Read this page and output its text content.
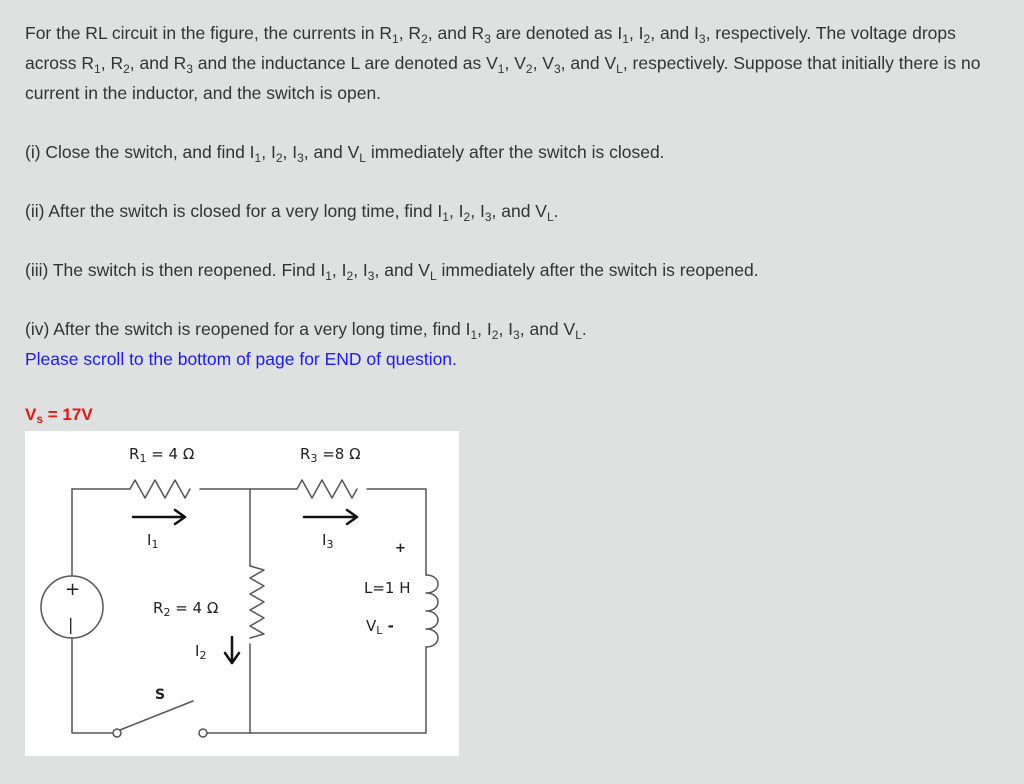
For the RL circuit in the figure, the currents in $R_1$, $R_2$, and $R_3$ are denoted as $I_1$, $I_2$, and $I_3$, respectively. The voltage drops across $R_1$, $R_2$, and $R_3$ and the inductance L are denoted as $V_1$, $V_2$, $V_3$, and $V_L$, respectively. Suppose that initially there is no current in the inductor, and the switch is open.

(i) Close the switch, and find $I_1$, $I_2$, $I_3$, and $V_L$ immediately after the switch is closed.

(ii) After the switch is closed for a very long time, find $I_1$, $I_2$, $I_3$, and $V_L$.

(iii) The switch is then reopened. Find $I_1$, $I_2$, $I_3$, and $V_L$ immediately after the switch is reopened.

(iv) After the switch is reopened for a very long time, find $I_1$, $I_2$, $I_3$, and $V_L$.

Please scroll to the bottom of page for END of question.
$V_s = 17V$
$R_1 = 4$ Ω	$R_3 =8$ Ω
$I_1$	$I_3$	+
L=1 H
$V_L$ -
$R_2 = 4$ Ω
$I_2$
+
|
S
